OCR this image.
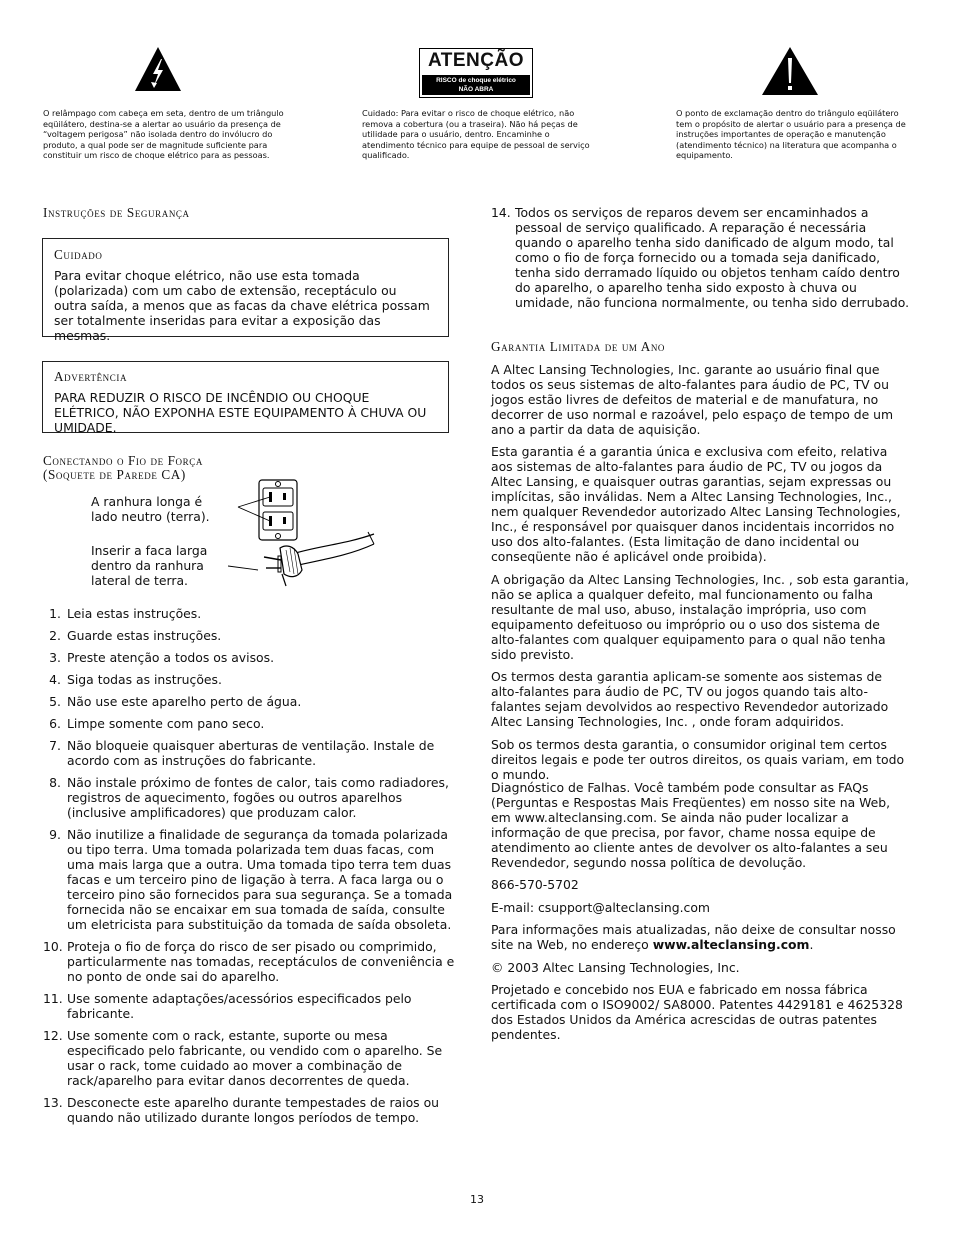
ATENÇÃO
RISCO de choque elétrico
NÃO ABRA
O relâmpago com cabeça em seta, dentro de um triângulo eqüilátero, destina-se a alertar ao usuário da presença de “voltagem perigosa” não isolada dentro do invólucro do produto, a qual pode ser de magnitude suficiente para constituir um risco de choque elétrico para as pessoas.
Cuidado: Para evitar o risco de choque elétrico, não remova a cobertura (ou a traseira). Não há peças de utilidade para o usuário, dentro. Encaminhe o atendimento técnico para equipe de pessoal de serviço qualificado.
O ponto de exclamação dentro do triângulo eqüilátero tem o propósito de alertar o usuário para a presença de instruções importantes de operação e manutenção (atendimento técnico) na literatura que acompanha o equipamento.
Instruções de Segurança
Cuidado
Para evitar choque elétrico, não use esta tomada (polarizada) com um cabo de extensão, receptáculo ou outra saída, a menos que as facas da chave elétrica possam ser totalmente inseridas para evitar a exposição das mesmas.
Advertência
PARA REDUZIR O RISCO DE INCÊNDIO OU CHOQUE ELÉTRICO, NÃO EXPONHA ESTE EQUIPAMENTO À CHUVA OU UMIDADE.
Conectando o Fio de Força
(Soquete de Parede CA)
A ranhura longa é lado neutro (terra).
Inserir a faca larga dentro da ranhura lateral de terra.
1. Leia estas instruções.
2. Guarde estas instruções.
3. Preste atenção a todos os avisos.
4. Siga todas as instruções.
5. Não use este aparelho perto de água.
6. Limpe somente com pano seco.
7. Não bloqueie quaisquer aberturas de ventilação. Instale de acordo com as instruções do fabricante.
8. Não instale próximo de fontes de calor, tais como radiadores, registros de aquecimento, fogões ou outros aparelhos (inclusive amplificadores) que produzam calor.
9. Não inutilize a finalidade de segurança da tomada polarizada ou tipo terra. Uma tomada polarizada tem duas facas, com uma mais larga que a outra. Uma tomada tipo terra tem duas facas e um terceiro pino de ligação à terra. A faca larga ou o terceiro pino são fornecidos para sua segurança. Se a tomada fornecida não se encaixar em sua tomada de saída, consulte um eletricista para substituição da tomada de saída obsoleta.
10. Proteja o fio de força do risco de ser pisado ou comprimido, particularmente nas tomadas, receptáculos de conveniência e no ponto de onde sai do aparelho.
11. Use somente adaptações/acessórios especificados pelo fabricante.
12. Use somente com o rack, estante, suporte ou mesa especificado pelo fabricante, ou vendido com o aparelho. Se usar o rack, tome cuidado ao mover a combinação de rack/aparelho para evitar danos decorrentes de queda.
13. Desconecte este aparelho durante tempestades de raios ou quando não utilizado durante longos períodos de tempo.
14. Todos os serviços de reparos devem ser encaminhados a pessoal de serviço qualificado. A reparação é necessária quando o aparelho tenha sido danificado de algum modo, tal como o fio de força fornecido ou a tomada seja danificado, tenha sido derramado líquido ou objetos tenham caído dentro do aparelho, o aparelho tenha sido exposto à chuva ou umidade, não funciona normalmente, ou tenha sido derrubado.
Garantia Limitada de um Ano

A Altec Lansing Technologies, Inc. garante ao usuário final que todos os seus sistemas de alto-falantes para áudio de PC, TV ou jogos estão livres de defeitos de material e de manufatura, no decorrer de uso normal e razoável, pelo espaço de tempo de um ano a partir da data de aquisição.

Esta garantia é a garantia única e exclusiva com efeito, relativa aos sistemas de alto-falantes para áudio de PC, TV ou jogos da Altec Lansing, e quaisquer outras garantias, sejam expressas ou implícitas, são inválidas. Nem a Altec Lansing Technologies, Inc., nem qualquer Revendedor autorizado Altec Lansing Technologies, Inc., é responsável por quaisquer danos incidentais incorridos no uso dos alto-falantes. (Esta limitação de dano incidental ou conseqüente não é aplicável onde proibida).

A obrigação da Altec Lansing Technologies, Inc. , sob esta garantia, não se aplica a qualquer defeito, mal funcionamento ou falha resultante de mal uso, abuso, instalação imprópria, uso com equipamento defeituoso ou impróprio ou o uso dos sistema de alto-falantes com qualquer equipamento para o qual não tenha sido previsto.

Os termos desta garantia aplicam-se somente aos sistemas de alto-falantes para áudio de PC, TV ou jogos quando tais alto-falantes sejam devolvidos ao respectivo Revendedor autorizado Altec Lansing Technologies, Inc. , onde foram adquiridos.

Sob os termos desta garantia, o consumidor original tem certos direitos legais e pode ter outros direitos, os quais variam, em todo o mundo.

Diagnóstico de Falhas. Você também pode consultar as FAQs (Perguntas e Respostas Mais Freqüentes) em nosso site na Web, em www.alteclansing.com. Se ainda não puder localizar a informação de que precisa, por favor, chame nossa equipe de atendimento ao cliente antes de devolver os alto-falantes a seu Revendedor, segundo nossa política de devolução.

866-570-5702

E-mail: csupport@alteclansing.com

Para informações mais atualizadas, não deixe de consultar nosso site na Web, no endereço www.alteclansing.com.

© 2003 Altec Lansing Technologies, Inc.

Projetado e concebido nos EUA e fabricado em nossa fábrica certificada com o ISO9002/ SA8000. Patentes 4429181 e 4625328 dos Estados Unidos da América acrescidas de outras patentes pendentes.

13
